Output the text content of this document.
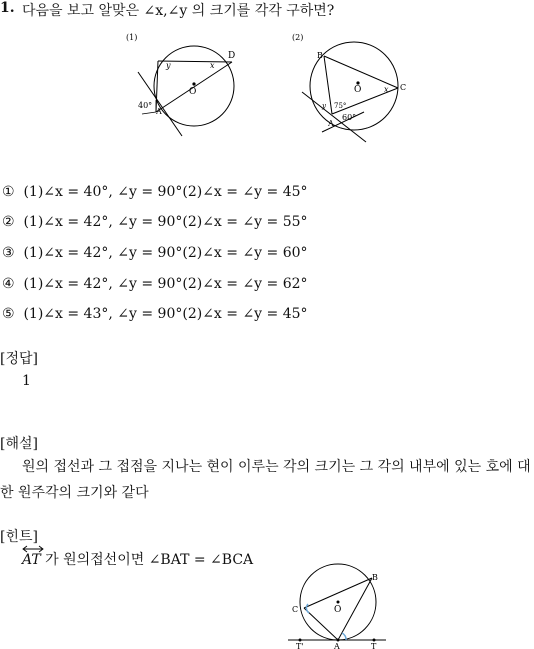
1. 다음을 보고 알맞은 ∠x,∠y 의 크기를 각각 구하면?
(1)
O
D
A
y	x
40°
(2)
O
B
C
A
x
y 75°
60°
① (1)∠x = 40°, ∠y = 90°(2)∠x = ∠y = 45°
② (1)∠x = 42°, ∠y = 90°(2)∠x = ∠y = 55°
③ (1)∠x = 42°, ∠y = 90°(2)∠x = ∠y = 60°
④ (1)∠x = 42°, ∠y = 90°(2)∠x = ∠y = 62°
⑤ (1)∠x = 43°, ∠y = 90°(2)∠x = ∠y = 45°
[정답]
1
[해설]
원의 접선과 그 접점을 지나는 현이 이루는 각의 크기는 그 각의 내부에 있는 호에 대한 원주각의 크기와 같다
[힌트]
AT 가 원의접선이면 ∠BAT = ∠BCA
O
B
C
A	T
T'
